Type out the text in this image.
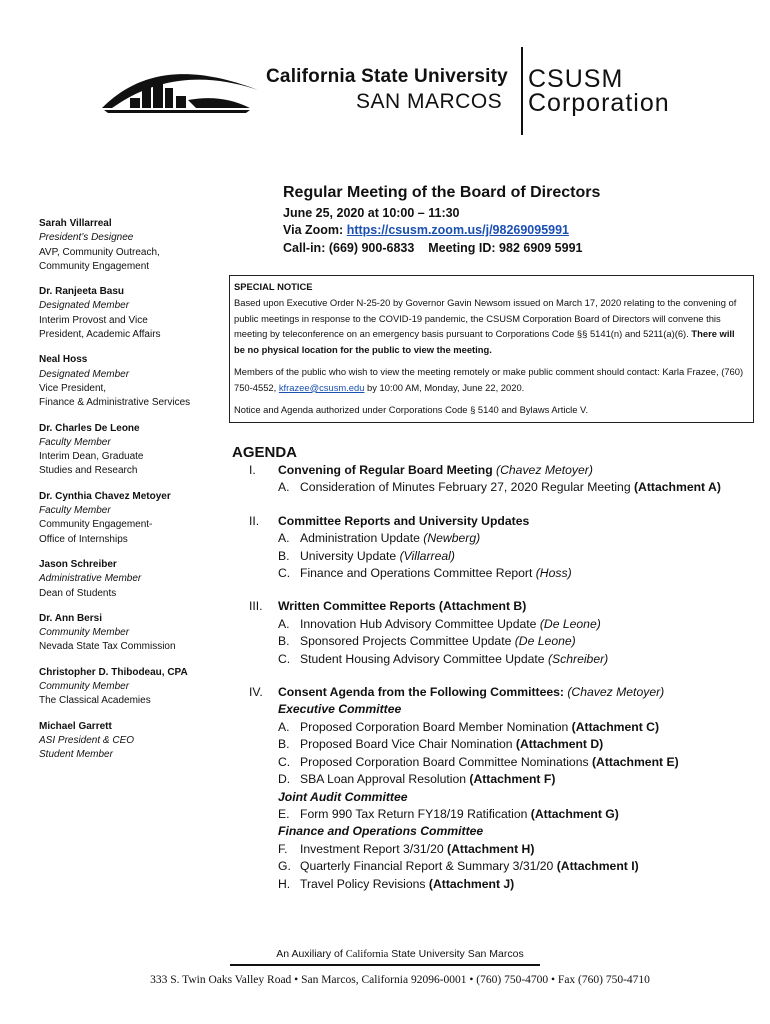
California State University
SAN MARCOS
CSUSM
Corporation
Regular Meeting of the Board of Directors
June 25, 2020 at 10:00 – 11:30
Via Zoom: https://csusm.zoom.us/j/98269095991
Call-in: (669) 900-6833 Meeting ID: 982 6909 5991
Sarah Villarreal
President’s Designee
AVP, Community Outreach,
Community Engagement
Dr. Ranjeeta Basu
Designated Member
Interim Provost and Vice
President, Academic Affairs
Neal Hoss
Designated Member
Vice President,
Finance & Administrative Services
Dr. Charles De Leone
Faculty Member
Interim Dean, Graduate
Studies and Research
Dr. Cynthia Chavez Metoyer
Faculty Member
Community Engagement-
Office of Internships
Jason Schreiber
Administrative Member
Dean of Students
Dr. Ann Bersi
Community Member
Nevada State Tax Commission
Christopher D. Thibodeau, CPA
Community Member
The Classical Academies
Michael Garrett
ASI President & CEO
Student Member
SPECIAL NOTICE

Based upon Executive Order N-25-20 by Governor Gavin Newsom issued on March 17, 2020 relating to the convening of public meetings in response to the COVID-19 pandemic, the CSUSM Corporation Board of Directors will convene this meeting by teleconference on an emergency basis pursuant to Corporations Code §§ 5141(n) and 5211(a)(6). There will be no physical location for the public to view the meeting.

Members of the public who wish to view the meeting remotely or make public comment should contact: Karla Frazee, (760) 750-4552, kfrazee@csusm.edu by 10:00 AM, Monday, June 22, 2020.

Notice and Agenda authorized under Corporations Code § 5140 and Bylaws Article V.

AGENDA
I. Convening of Regular Board Meeting (Chavez Metoyer)
A. Consideration of Minutes February 27, 2020 Regular Meeting (Attachment A)
II. Committee Reports and University Updates
A. Administration Update (Newberg)
B. University Update (Villarreal)
C. Finance and Operations Committee Report (Hoss)
III. Written Committee Reports (Attachment B)
A. Innovation Hub Advisory Committee Update (De Leone)
B. Sponsored Projects Committee Update (De Leone)
C. Student Housing Advisory Committee Update (Schreiber)
IV. Consent Agenda from the Following Committees: (Chavez Metoyer)
Executive Committee
A. Proposed Corporation Board Member Nomination (Attachment C)
B. Proposed Board Vice Chair Nomination (Attachment D)
C. Proposed Corporation Board Committee Nominations (Attachment E)
D. SBA Loan Approval Resolution (Attachment F)
Joint Audit Committee
E. Form 990 Tax Return FY18/19 Ratification (Attachment G)
Finance and Operations Committee
F. Investment Report 3/31/20 (Attachment H)
G. Quarterly Financial Report & Summary 3/31/20 (Attachment I)
H. Travel Policy Revisions (Attachment J)
An Auxiliary of California State University San Marcos
333 S. Twin Oaks Valley Road • San Marcos, California 92096-0001 • (760) 750-4700 • Fax (760) 750-4710
